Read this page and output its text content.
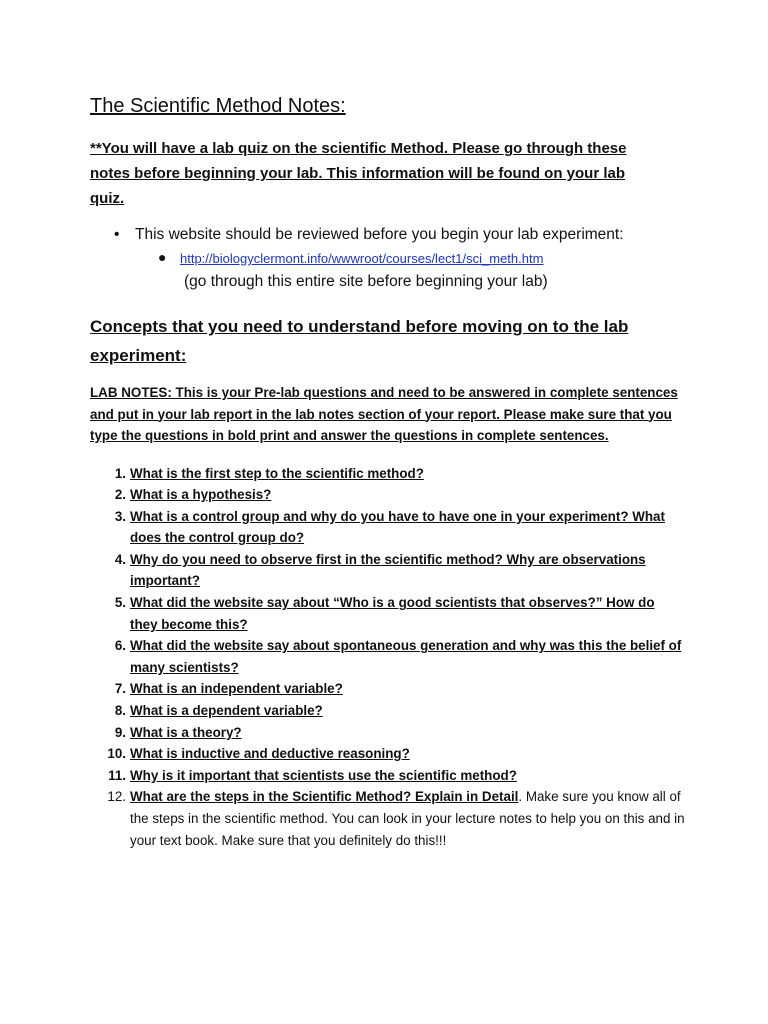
The Scientific Method Notes:
**You will have a lab quiz on the scientific Method. Please go through these notes before beginning your lab. This information will be found on your lab quiz.
• This website should be reviewed before you begin your lab experiment:
● http://biologyclermont.info/wwwroot/courses/lect1/sci_meth.htm
(go through this entire site before beginning your lab)
Concepts that you need to understand before moving on to the lab experiment:
LAB NOTES: This is your Pre-lab questions and need to be answered in complete sentences and put in your lab report in the lab notes section of your report. Please make sure that you type the questions in bold print and answer the questions in complete sentences.
1. What is the first step to the scientific method?
2. What is a hypothesis?
3. What is a control group and why do you have to have one in your experiment? What does the control group do?
4. Why do you need to observe first in the scientific method? Why are observations important?
5. What did the website say about “Who is a good scientists that observes?” How do they become this?
6. What did the website say about spontaneous generation and why was this the belief of many scientists?
7. What is an independent variable?
8. What is a dependent variable?
9. What is a theory?
10. What is inductive and deductive reasoning?
11. Why is it important that scientists use the scientific method?
12. What are the steps in the Scientific Method? Explain in Detail. Make sure you know all of the steps in the scientific method. You can look in your lecture notes to help you on this and in your text book. Make sure that you definitely do this!!!
